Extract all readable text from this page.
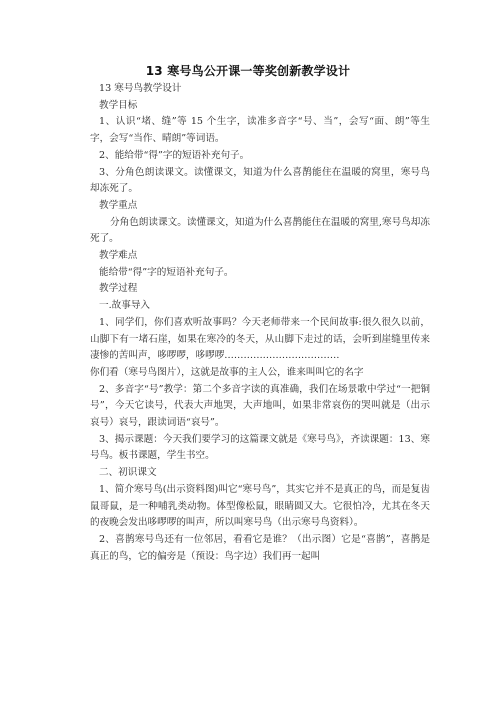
13 寒号鸟公开课一等奖创新教学设计

13 寒号鸟教学设计

教学目标

1、认识“堵、缝”等 15 个生字，读准多音字“号、当”，会写“面、朗”等生字，会写“当作、晴朗”等词语。

2、能给带“得”字的短语补充句子。

3、分角色朗读课文。读懂课文，知道为什么喜鹊能住在温暖的窝里，寒号鸟却冻死了。

教学重点

分角色朗读课文。读懂课文，知道为什么喜鹊能住在温暖的窝里,寒号鸟却冻死了。

教学难点

能给带“得”字的短语补充句子。

教学过程

一.故事导入

1、同学们，你们喜欢听故事吗？今天老师带来一个民间故事:很久很久以前，山脚下有一堵石崖，如果在寒冷的冬天，从山脚下走过的话，会听到崖缝里传来凄惨的苦叫声，哆啰啰，哆啰啰………………………………

你们看（寒号鸟图片），这就是故事的主人公，谁来叫叫它的名字

2、多音字“号”教学：第二个多音字读的真准确，我们在场景歌中学过“一把铜号”，今天它读号，代表大声地哭，大声地叫，如果非常哀伤的哭叫就是（出示哀号）哀号，跟读词语“哀号”。

3、揭示课题：今天我们要学习的这篇课文就是《寒号鸟》，齐读课题：13、寒号鸟。板书课题，学生书空。

二、初识课文

1、简介寒号鸟(出示资料图)叫它“寒号鸟”，其实它并不是真正的鸟，而是复齿鼠哥鼠，是一种哺乳类动物。体型像松鼠，眼睛圆又大。它很怕冷，尤其在冬天的夜晚会发出哆啰啰的叫声，所以叫寒号鸟（出示寒号鸟资料）。

2、喜鹊寒号鸟还有一位邻居，看看它是谁？（出示图）它是“喜鹊”，喜鹊是真正的鸟，它的偏旁是（预设：鸟字边）我们再一起叫
